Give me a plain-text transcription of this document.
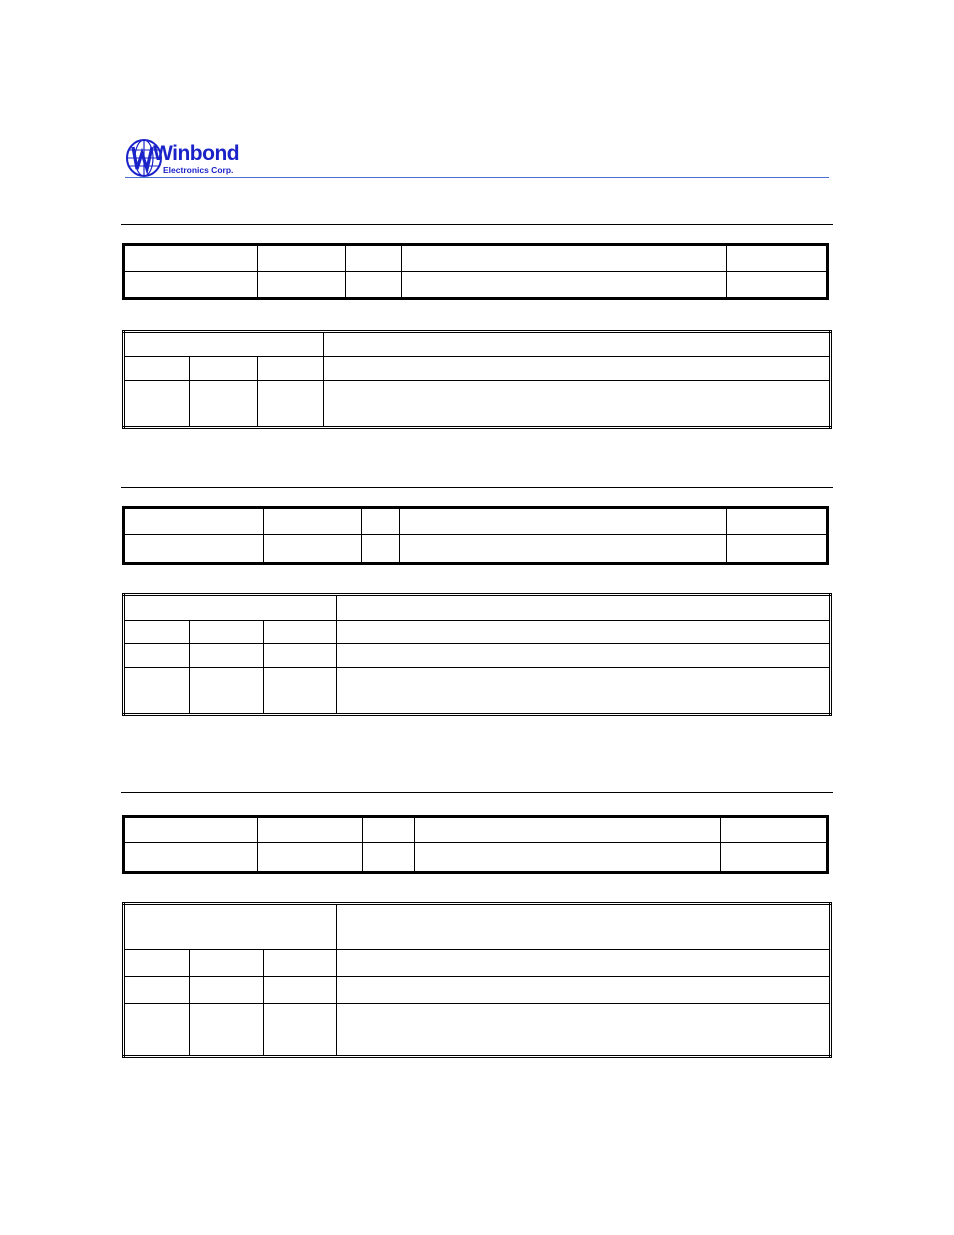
Winbond
Electronics Corp.
